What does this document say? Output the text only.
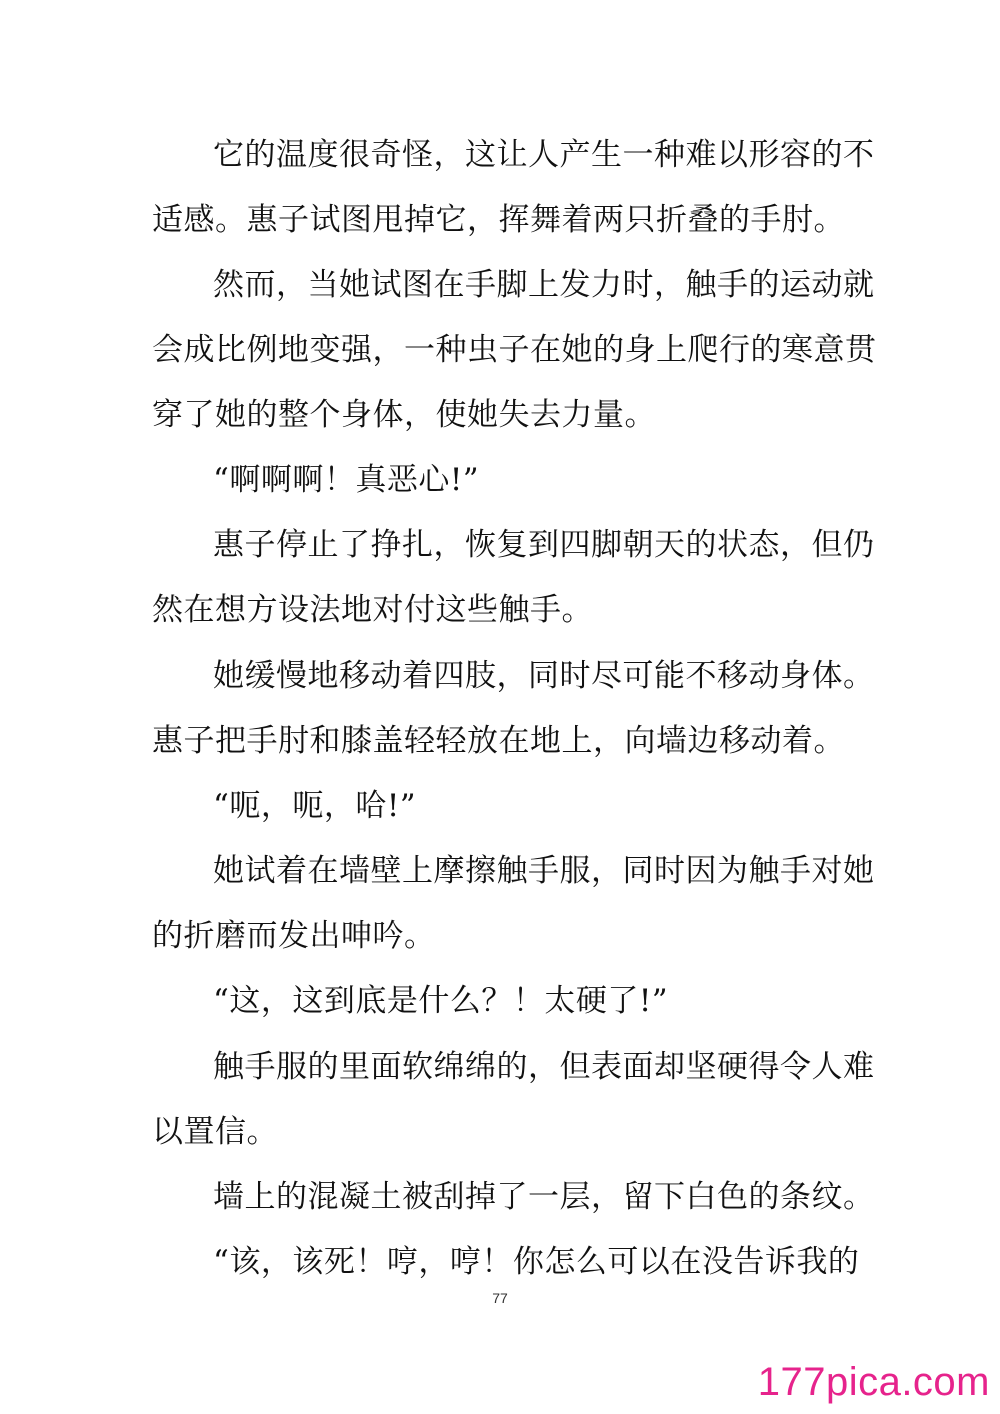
它的温度很奇怪，这让人产生一种难以形容的不
适感。惠子试图甩掉它，挥舞着两只折叠的手肘。
然而，当她试图在手脚上发力时，触手的运动就
会成比例地变强，一种虫子在她的身上爬行的寒意贯
穿了她的整个身体，使她失去力量。
“啊啊啊！真恶心!”
惠子停止了挣扎，恢复到四脚朝天的状态，但仍
然在想方设法地对付这些触手。
她缓慢地移动着四肢，同时尽可能不移动身体。
惠子把手肘和膝盖轻轻放在地上，向墙边移动着。
“呃，呃，哈!”
她试着在墙壁上摩擦触手服，同时因为触手对她
的折磨而发出呻吟。
“这，这到底是什么？！太硬了!”
触手服的里面软绵绵的，但表面却坚硬得令人难
以置信。
墙上的混凝土被刮掉了一层，留下白色的条纹。
“该，该死！哼，哼！你怎么可以在没告诉我的
77
177pica.com
